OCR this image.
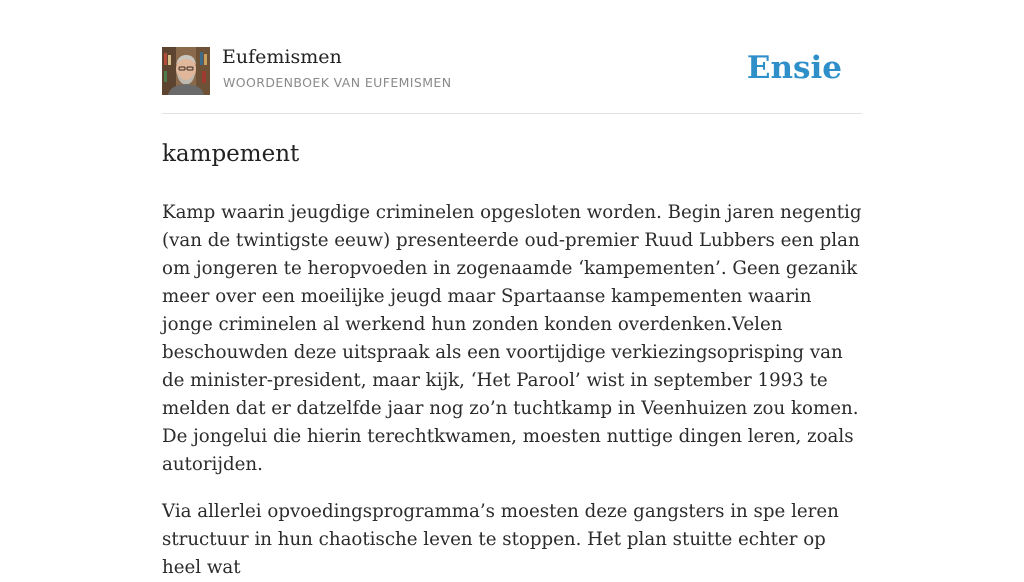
Eufemismen
WOORDENBOEK VAN EUFEMISMEN	Ensie
kampement

Kamp waarin jeugdige criminelen opgesloten worden. Begin jaren negentig (van de twintigste eeuw) presenteerde oud-premier Ruud Lubbers een plan om jongeren te heropvoeden in zogenaamde ‘kampementen’. Geen gezanik meer over een moeilijke jeugd maar Spartaanse kampementen waarin jonge criminelen al werkend hun zonden konden overdenken.Velen beschouwden deze uitspraak als een voortijdige verkiezingsoprisping van de minister-president, maar kijk, ‘Het Parool’ wist in september 1993 te melden dat er datzelfde jaar nog zo’n tuchtkamp in Veenhuizen zou komen. De jongelui die hierin terechtkwamen, moesten nuttige dingen leren, zoals autorijden.

Via allerlei opvoedingsprogramma’s moesten deze gangsters in spe leren structuur in hun chaotische leven te stoppen. Het plan stuitte echter op heel wat
